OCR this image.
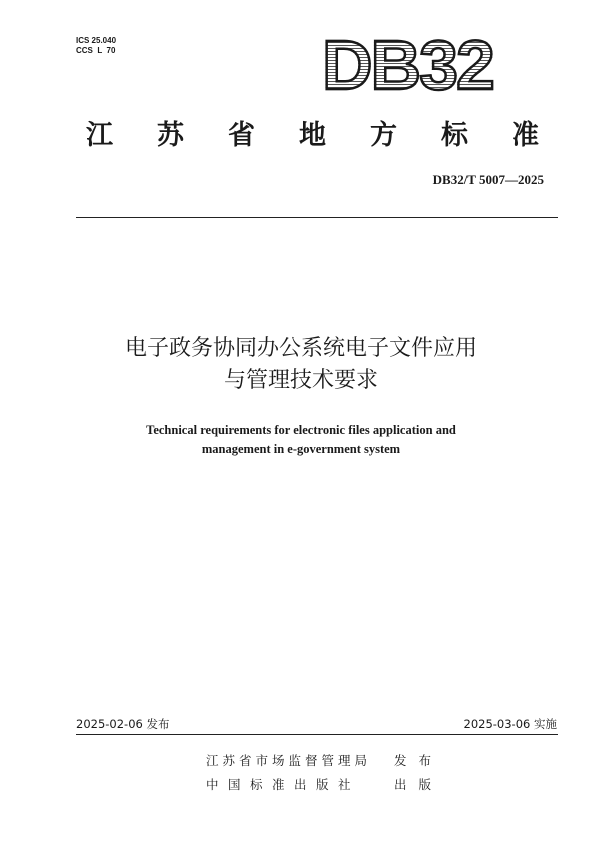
ICS 25.040
CCS  L  70	DB32
江苏省地方标准
DB32/T 5007—2025
电子政务协同办公系统电子文件应用
与管理技术要求
Technical requirements for electronic files application and
management in e-government system
2025-02-06 发布	2025-03-06 实施
江苏省市场监督管理局 发布
中国标准出版社	出版
